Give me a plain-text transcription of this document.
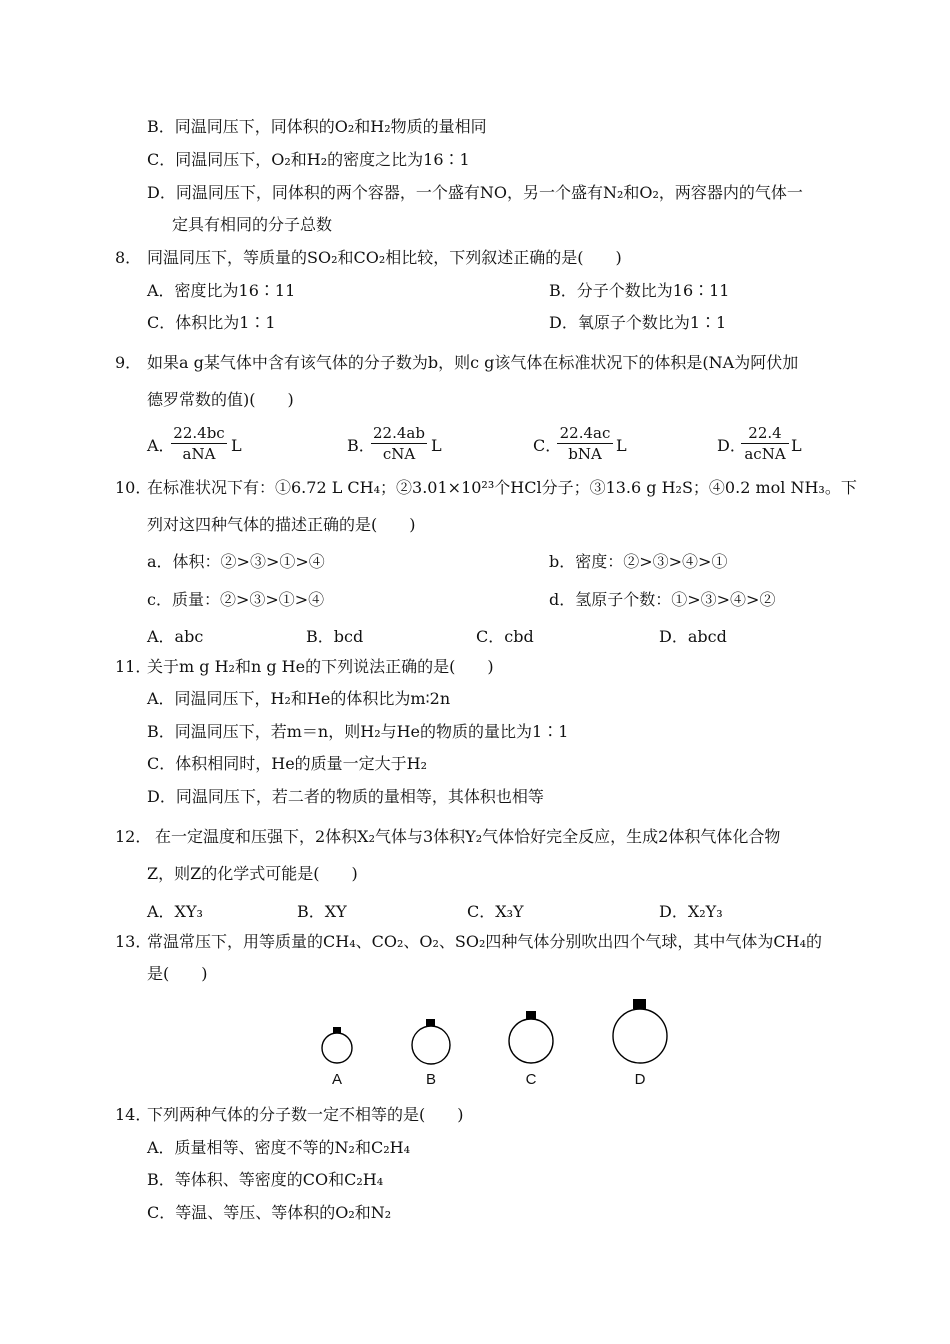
B．同温同压下，同体积的O₂和H₂物质的量相同
C．同温同压下，O₂和H₂的密度之比为16∶1
D．同温同压下，同体积的两个容器，一个盛有NO，另一个盛有N₂和O₂，两容器内的气体一
定具有相同的分子总数
8． 同温同压下，等质量的SO₂和CO₂相比较，下列叙述正确的是(　　)
A．密度比为16∶11	B．分子个数比为16∶11
C．体积比为1∶1	D．氧原子个数比为1∶1
9． 如果a g某气体中含有该气体的分子数为b，则c g该气体在标准状况下的体积是(NA为阿伏加
德罗常数的值)(　　)
A．
22.4bc
aNA L	B．
22.4ab
cNA L	C．
22.4ac
bNA L	D．
22.4
acNA L
10．
在标准状况下有：①6.72 L CH₄；②3.01×10²³个HCl分子；③13.6 g H₂S；④0.2 mol NH₃。下
列对这四种气体的描述正确的是(　　)
a．体积：②>③>①>④	b．密度：②>③>④>①
c．质量：②>③>①>④	d．氢原子个数：①>③>④>②
A．abc	B．bcd	C．cbd	D．abcd
11．
关于m g H₂和n g He的下列说法正确的是(　　)
A．同温同压下，H₂和He的体积比为m∶2n
B．同温同压下，若m＝n，则H₂与He的物质的量比为1∶1
C．体积相同时，He的质量一定大于H₂
D．同温同压下，若二者的物质的量相等，其体积也相等
12． 在一定温度和压强下，2体积X₂气体与3体积Y₂气体恰好完全反应，生成2体积气体化合物
Z，则Z的化学式可能是(　　)
A．XY₃	B．XY	C．X₃Y	D．X₂Y₃
13．
常温常压下，用等质量的CH₄、CO₂、O₂、SO₂四种气体分别吹出四个气球，其中气体为CH₄的
是(　　)
A	B	C	D
14．
下列两种气体的分子数一定不相等的是(　　)
A．质量相等、密度不等的N₂和C₂H₄
B．等体积、等密度的CO和C₂H₄
C．等温、等压、等体积的O₂和N₂
